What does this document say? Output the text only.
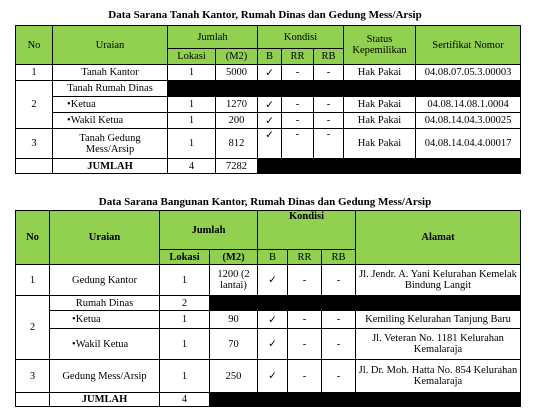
Data Sarana Tanah Kantor, Rumah Dinas dan Gedung Mess/Arsip
No	Uraian	Jumlah		Kondisi			Status Kepemilikan	Sertifikat Nomor
		Lokasi	(M2)	B	RR	RB		
1	Tanah Kantor	1	5000	✓	-	-	Hak Pakai	04.08.07.05.3.00003
2	Tanah Rumah Dinas							
	• Ketua	1	1270	✓	-	-	Hak Pakai	04.08.14.08.1.0004
	• Wakil Ketua	1	200	✓	-	-	Hak Pakai	04.08.14.04.3.00025
3	Tanah Gedung Mess/Arsip	1	812	✓	-	-	Hak Pakai	04.08.14.04.4.00017
	JUMLAH	4	7282					
Data Sarana Bangunan Kantor, Rumah Dinas dan Gedung Mess/Arsip
No	Uraian	Jumlah		Kondisi			Alamat
		Lokasi	(M2)	B	RR	RB	
1	Gedung Kantor	1	1200 (2 lantai)	✓	-	-	Jl. Jendr. A. Yani Kelurahan Kemelak Bindung Langit
2	Rumah Dinas	2					
	• Ketua	1	90	✓	-	-	Kemiling Kelurahan Tanjung Baru
	• Wakil Ketua	1	70	✓	-	-	Jl. Veteran No. 1181 Kelurahan Kemalaraja
3	Gedung Mess/Arsip	1	250	✓	-	-	Jl. Dr. Moh. Hatta No. 854 Kelurahan Kemalaraja
	JUMLAH	4					
